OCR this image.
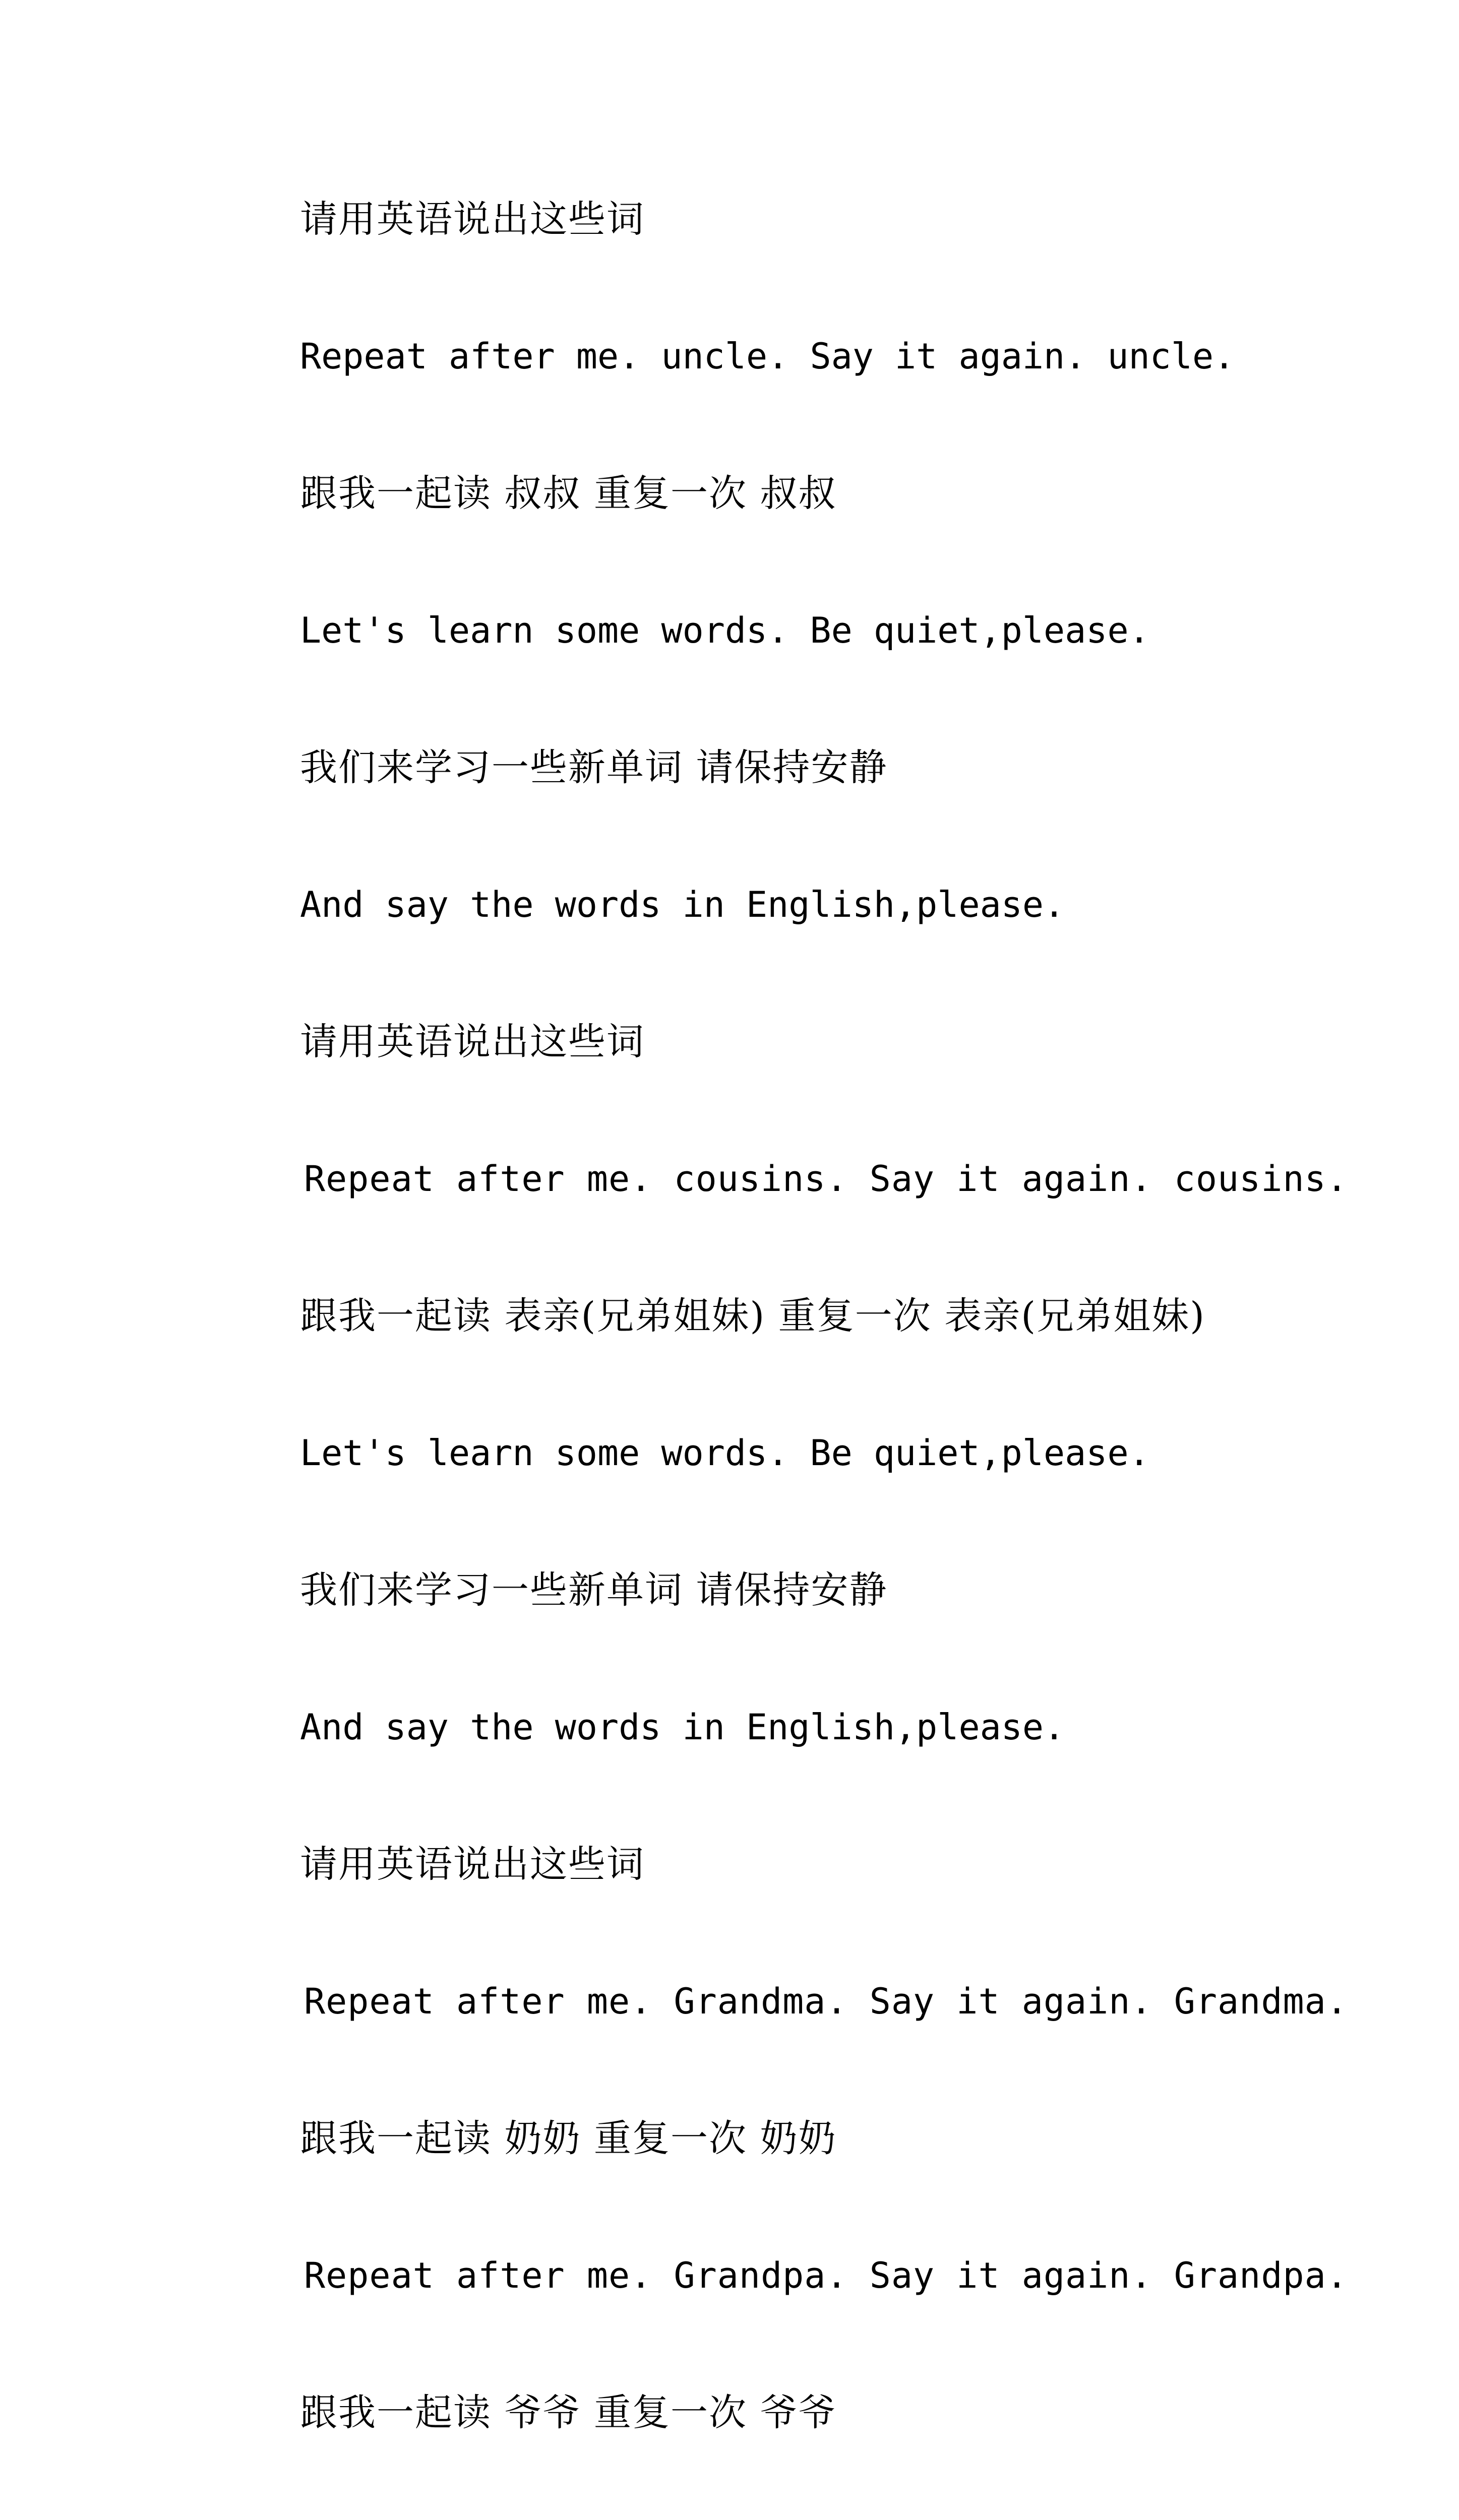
请用英语说出这些词
Repeat after me. uncle. Say it again. uncle.
跟我一起读 叔叔 重复一次 叔叔
Let's learn some words. Be quiet,please.
我们来学习一些新单词 请保持安静
And say the words in English,please.
请用英语说出这些词
Repeat after me. cousins. Say it again. cousins.
跟我一起读 表亲(兄弟姐妹) 重复一次 表亲(兄弟姐妹)
Let's learn some words. Be quiet,please.
我们来学习一些新单词 请保持安静
And say the words in English,please.
请用英语说出这些词
Repeat after me. Grandma. Say it again. Grandma.
跟我一起读 奶奶 重复一次 奶奶
Repeat after me. Grandpa. Say it again. Grandpa.
跟我一起读 爷爷 重复一次 爷爷
